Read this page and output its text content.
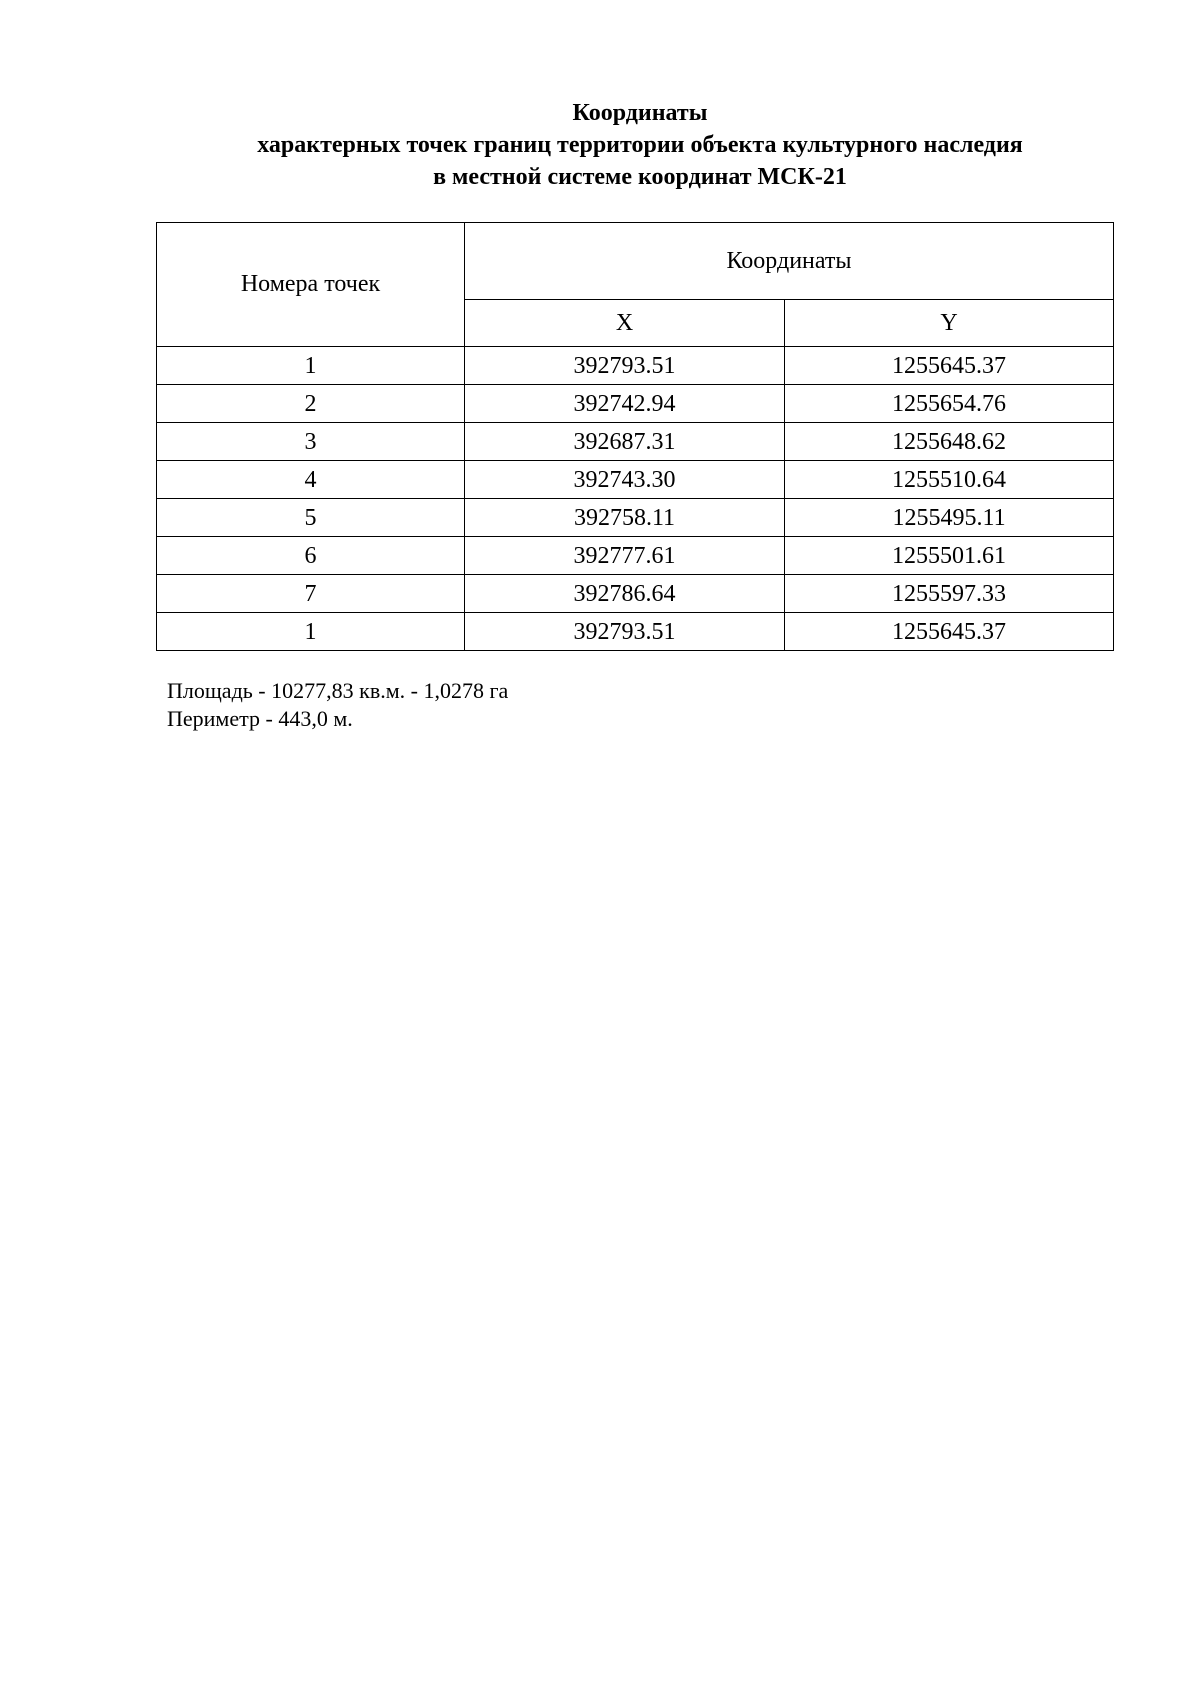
Координаты
характерных точек границ территории объекта культурного наследия
в местной системе координат МСК-21
Номера точек	Координаты	
	X	Y
1	392793.51	1255645.37
2	392742.94	1255654.76
3	392687.31	1255648.62
4	392743.30	1255510.64
5	392758.11	1255495.11
6	392777.61	1255501.61
7	392786.64	1255597.33
1	392793.51	1255645.37
Площадь - 10277,83 кв.м. - 1,0278 га
Периметр - 443,0 м.
